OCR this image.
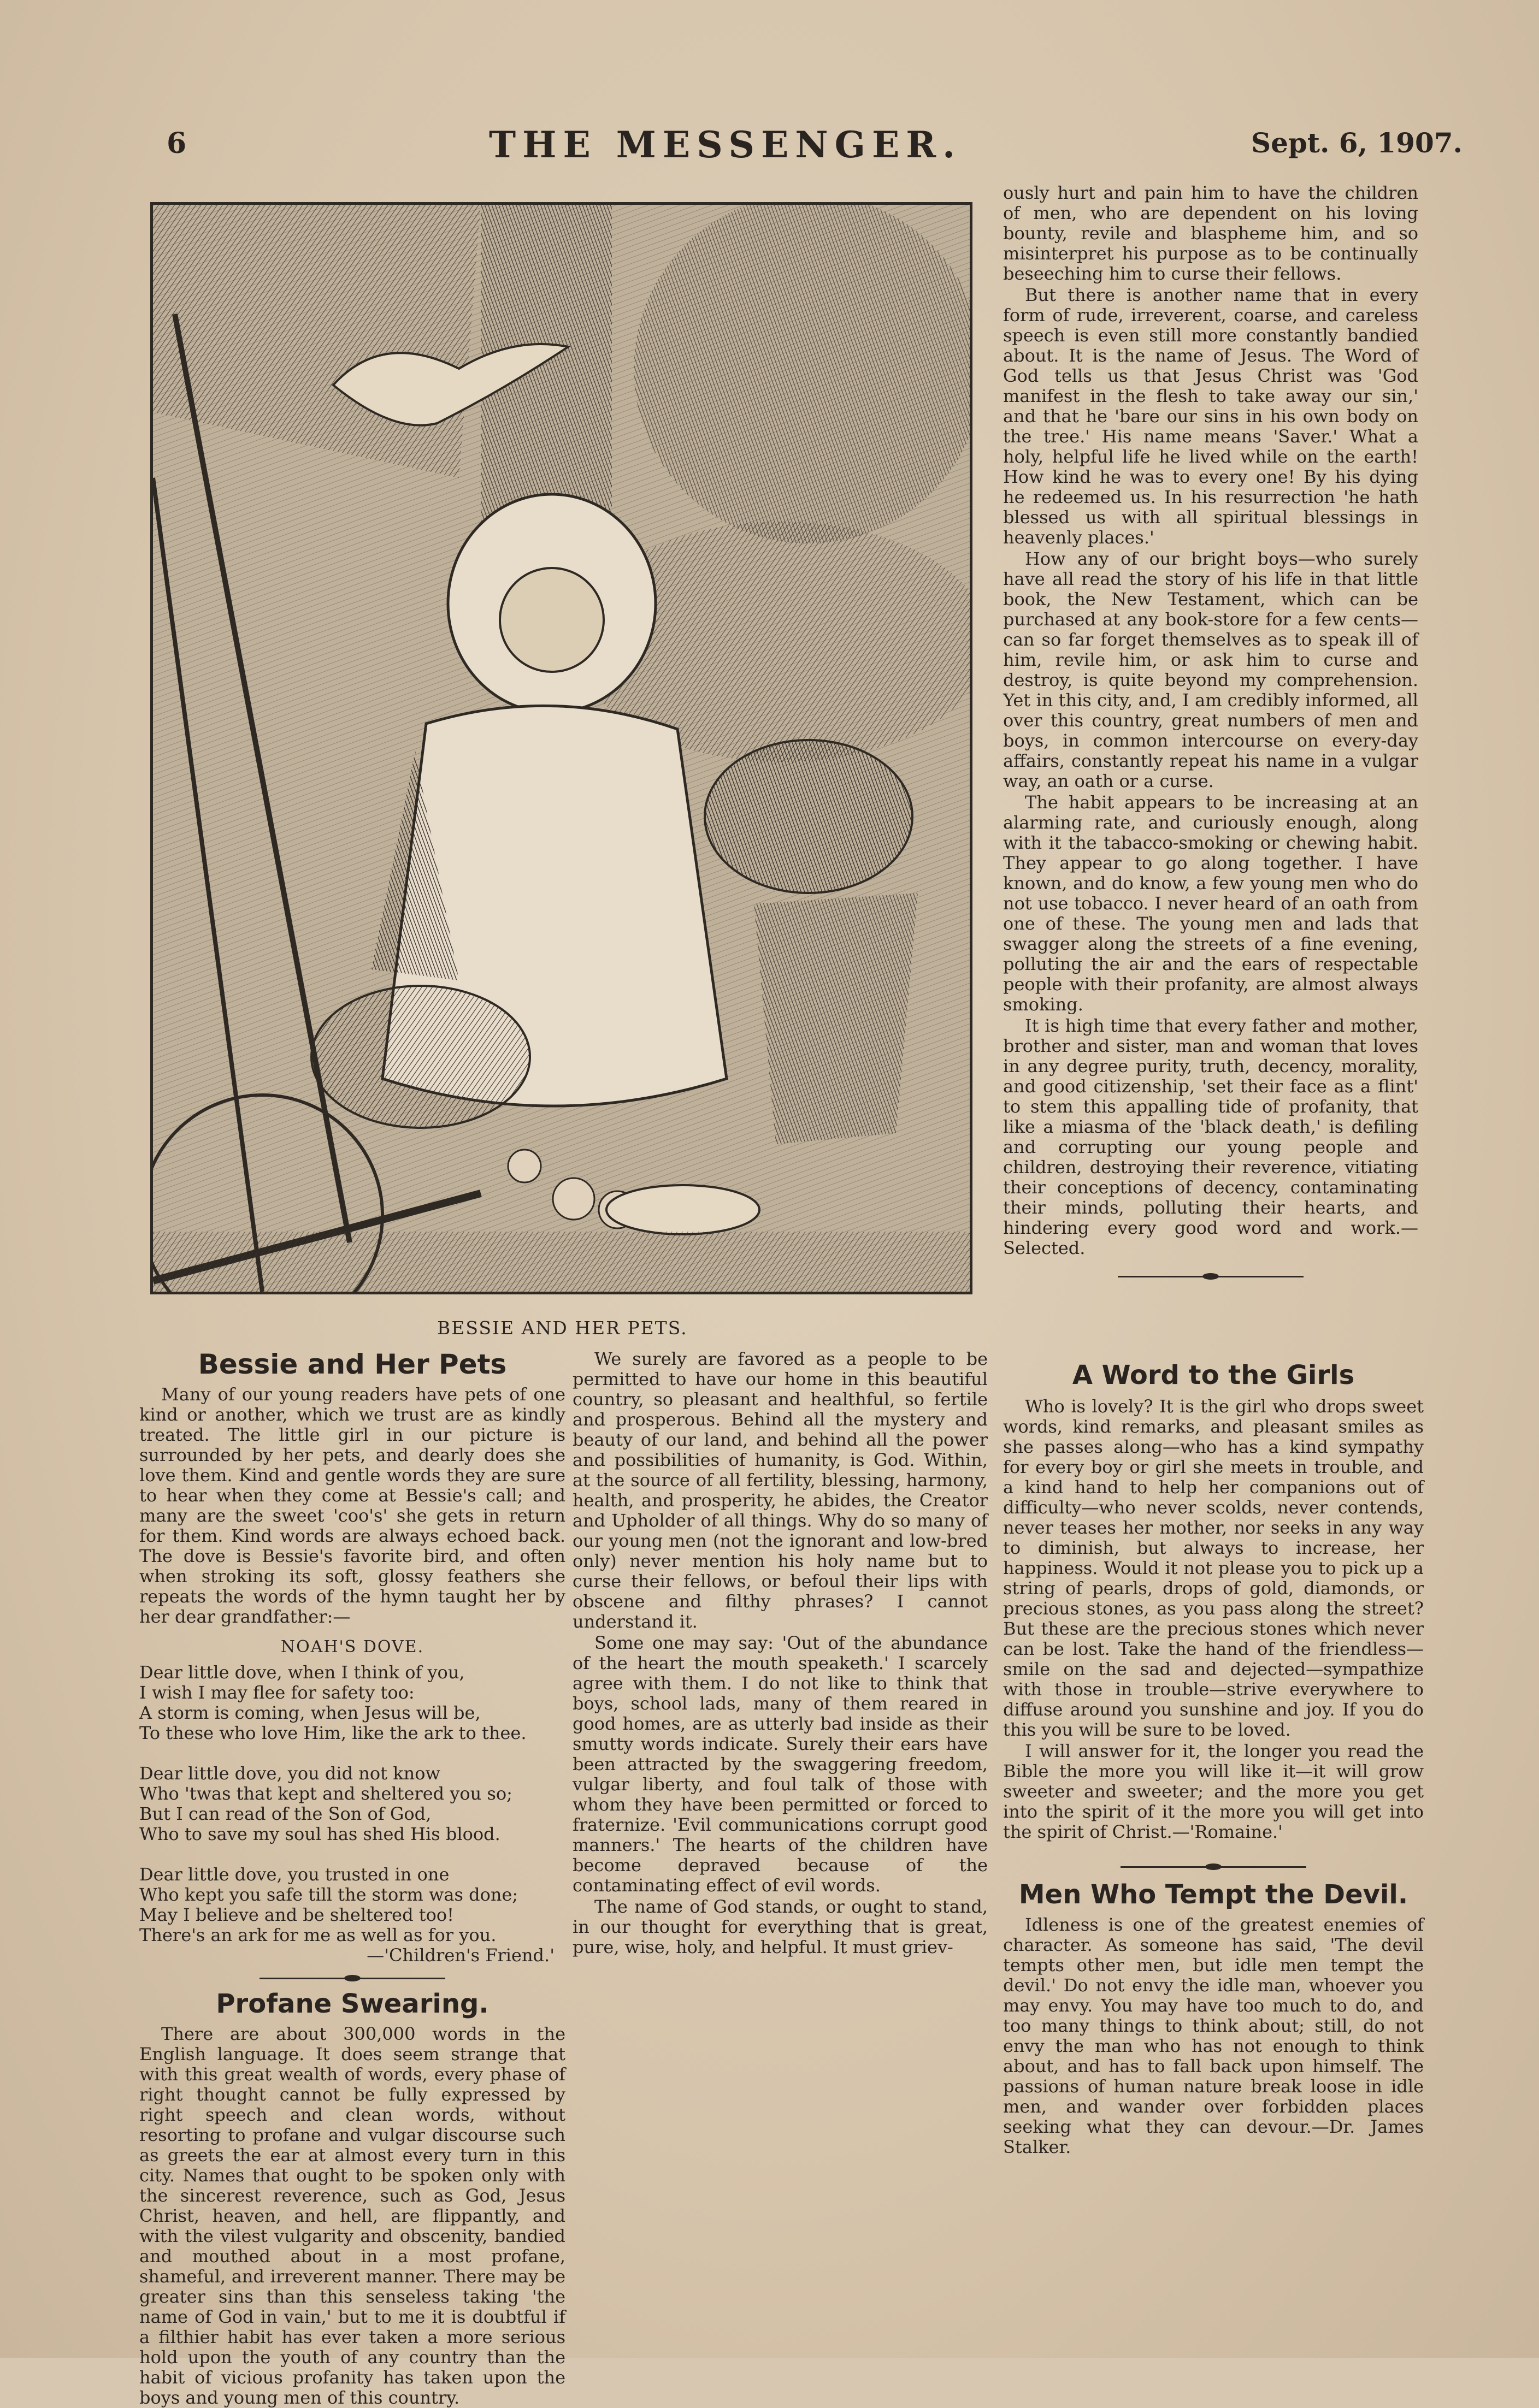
6	THE MESSENGER.	Sept. 6, 1907.
BESSIE AND HER PETS.
Bessie and Her Pets

Many of our young readers have pets of one kind or another, which we trust are as kindly treated. The little girl in our picture is surrounded by her pets, and dearly does she love them. Kind and gentle words they are sure to hear when they come at Bessie's call; and many are the sweet 'coo's' she gets in return for them. Kind words are always echoed back. The dove is Bessie's favorite bird, and often when stroking its soft, glossy feathers she repeats the words of the hymn taught her by her dear grandfather:—

NOAH'S DOVE.
Dear little dove, when I think of you,
I wish I may flee for safety too:
A storm is coming, when Jesus will be,
To these who love Him, like the ark to thee.
Dear little dove, you did not know
Who 'twas that kept and sheltered you so;
But I can read of the Son of God,
Who to save my soul has shed His blood.
Dear little dove, you trusted in one
Who kept you safe till the storm was done;
May I believe and be sheltered too!
There's an ark for me as well as for you.
—'Children's Friend.'
Profane Swearing.

There are about 300,000 words in the English language. It does seem strange that with this great wealth of words, every phase of right thought cannot be fully expressed by right speech and clean words, without resorting to profane and vulgar discourse such as greets the ear at almost every turn in this city. Names that ought to be spoken only with the sincerest reverence, such as God, Jesus Christ, heaven, and hell, are flippantly, and with the vilest vulgarity and obscenity, bandied and mouthed about in a most profane, shameful, and irreverent manner. There may be greater sins than this senseless taking 'the name of God in vain,' but to me it is doubtful if a filthier habit has ever taken a more serious hold upon the youth of any country than the habit of vicious profanity has taken upon the boys and young men of this country.

We surely are favored as a people to be permitted to have our home in this beautiful country, so pleasant and healthful, so fertile and prosperous. Behind all the mystery and beauty of our land, and behind all the power and possibilities of humanity, is God. Within, at the source of all fertility, blessing, harmony, health, and prosperity, he abides, the Creator and Upholder of all things. Why do so many of our young men (not the ignorant and low-bred only) never mention his holy name but to curse their fellows, or befoul their lips with obscene and filthy phrases? I cannot understand it.

Some one may say: 'Out of the abundance of the heart the mouth speaketh.' I scarcely agree with them. I do not like to think that boys, school lads, many of them reared in good homes, are as utterly bad inside as their smutty words indicate. Surely their ears have been attracted by the swaggering freedom, vulgar liberty, and foul talk of those with whom they have been permitted or forced to fraternize. 'Evil communications corrupt good manners.' The hearts of the children have become depraved because of the contaminating effect of evil words.

The name of God stands, or ought to stand, in our thought for everything that is great, pure, wise, holy, and helpful. It must griev-

ously hurt and pain him to have the children of men, who are dependent on his loving bounty, revile and blaspheme him, and so misinterpret his purpose as to be continually beseeching him to curse their fellows.

But there is another name that in every form of rude, irreverent, coarse, and careless speech is even still more constantly bandied about. It is the name of Jesus. The Word of God tells us that Jesus Christ was 'God manifest in the flesh to take away our sin,' and that he 'bare our sins in his own body on the tree.' His name means 'Saver.' What a holy, helpful life he lived while on the earth! How kind he was to every one! By his dying he redeemed us. In his resurrection 'he hath blessed us with all spiritual blessings in heavenly places.'

How any of our bright boys—who surely have all read the story of his life in that little book, the New Testament, which can be purchased at any book-store for a few cents—can so far forget themselves as to speak ill of him, revile him, or ask him to curse and destroy, is quite beyond my comprehension. Yet in this city, and, I am credibly informed, all over this country, great numbers of men and boys, in common intercourse on every-day affairs, constantly repeat his name in a vulgar way, an oath or a curse.

The habit appears to be increasing at an alarming rate, and curiously enough, along with it the tabacco-smoking or chewing habit. They appear to go along together. I have known, and do know, a few young men who do not use tobacco. I never heard of an oath from one of these. The young men and lads that swagger along the streets of a fine evening, polluting the air and the ears of respectable people with their profanity, are almost always smoking.

It is high time that every father and mother, brother and sister, man and woman that loves in any degree purity, truth, decency, morality, and good citizenship, 'set their face as a flint' to stem this appalling tide of profanity, that like a miasma of the 'black death,' is defiling and corrupting our young people and children, destroying their reverence, vitiating their conceptions of decency, contaminating their minds, polluting their hearts, and hindering every good word and work.—Selected.

A Word to the Girls

Who is lovely? It is the girl who drops sweet words, kind remarks, and pleasant smiles as she passes along—who has a kind sympathy for every boy or girl she meets in trouble, and a kind hand to help her companions out of difficulty—who never scolds, never contends, never teases her mother, nor seeks in any way to diminish, but always to increase, her happiness. Would it not please you to pick up a string of pearls, drops of gold, diamonds, or precious stones, as you pass along the street? But these are the precious stones which never can be lost. Take the hand of the friendless—smile on the sad and dejected—sympathize with those in trouble—strive everywhere to diffuse around you sunshine and joy. If you do this you will be sure to be loved.

I will answer for it, the longer you read the Bible the more you will like it—it will grow sweeter and sweeter; and the more you get into the spirit of it the more you will get into the spirit of Christ.—'Romaine.'

Men Who Tempt the Devil.

Idleness is one of the greatest enemies of character. As someone has said, 'The devil tempts other men, but idle men tempt the devil.' Do not envy the idle man, whoever you may envy. You may have too much to do, and too many things to think about; still, do not envy the man who has not enough to think about, and has to fall back upon himself. The passions of human nature break loose in idle men, and wander over forbidden places seeking what they can devour.—Dr. James Stalker.
